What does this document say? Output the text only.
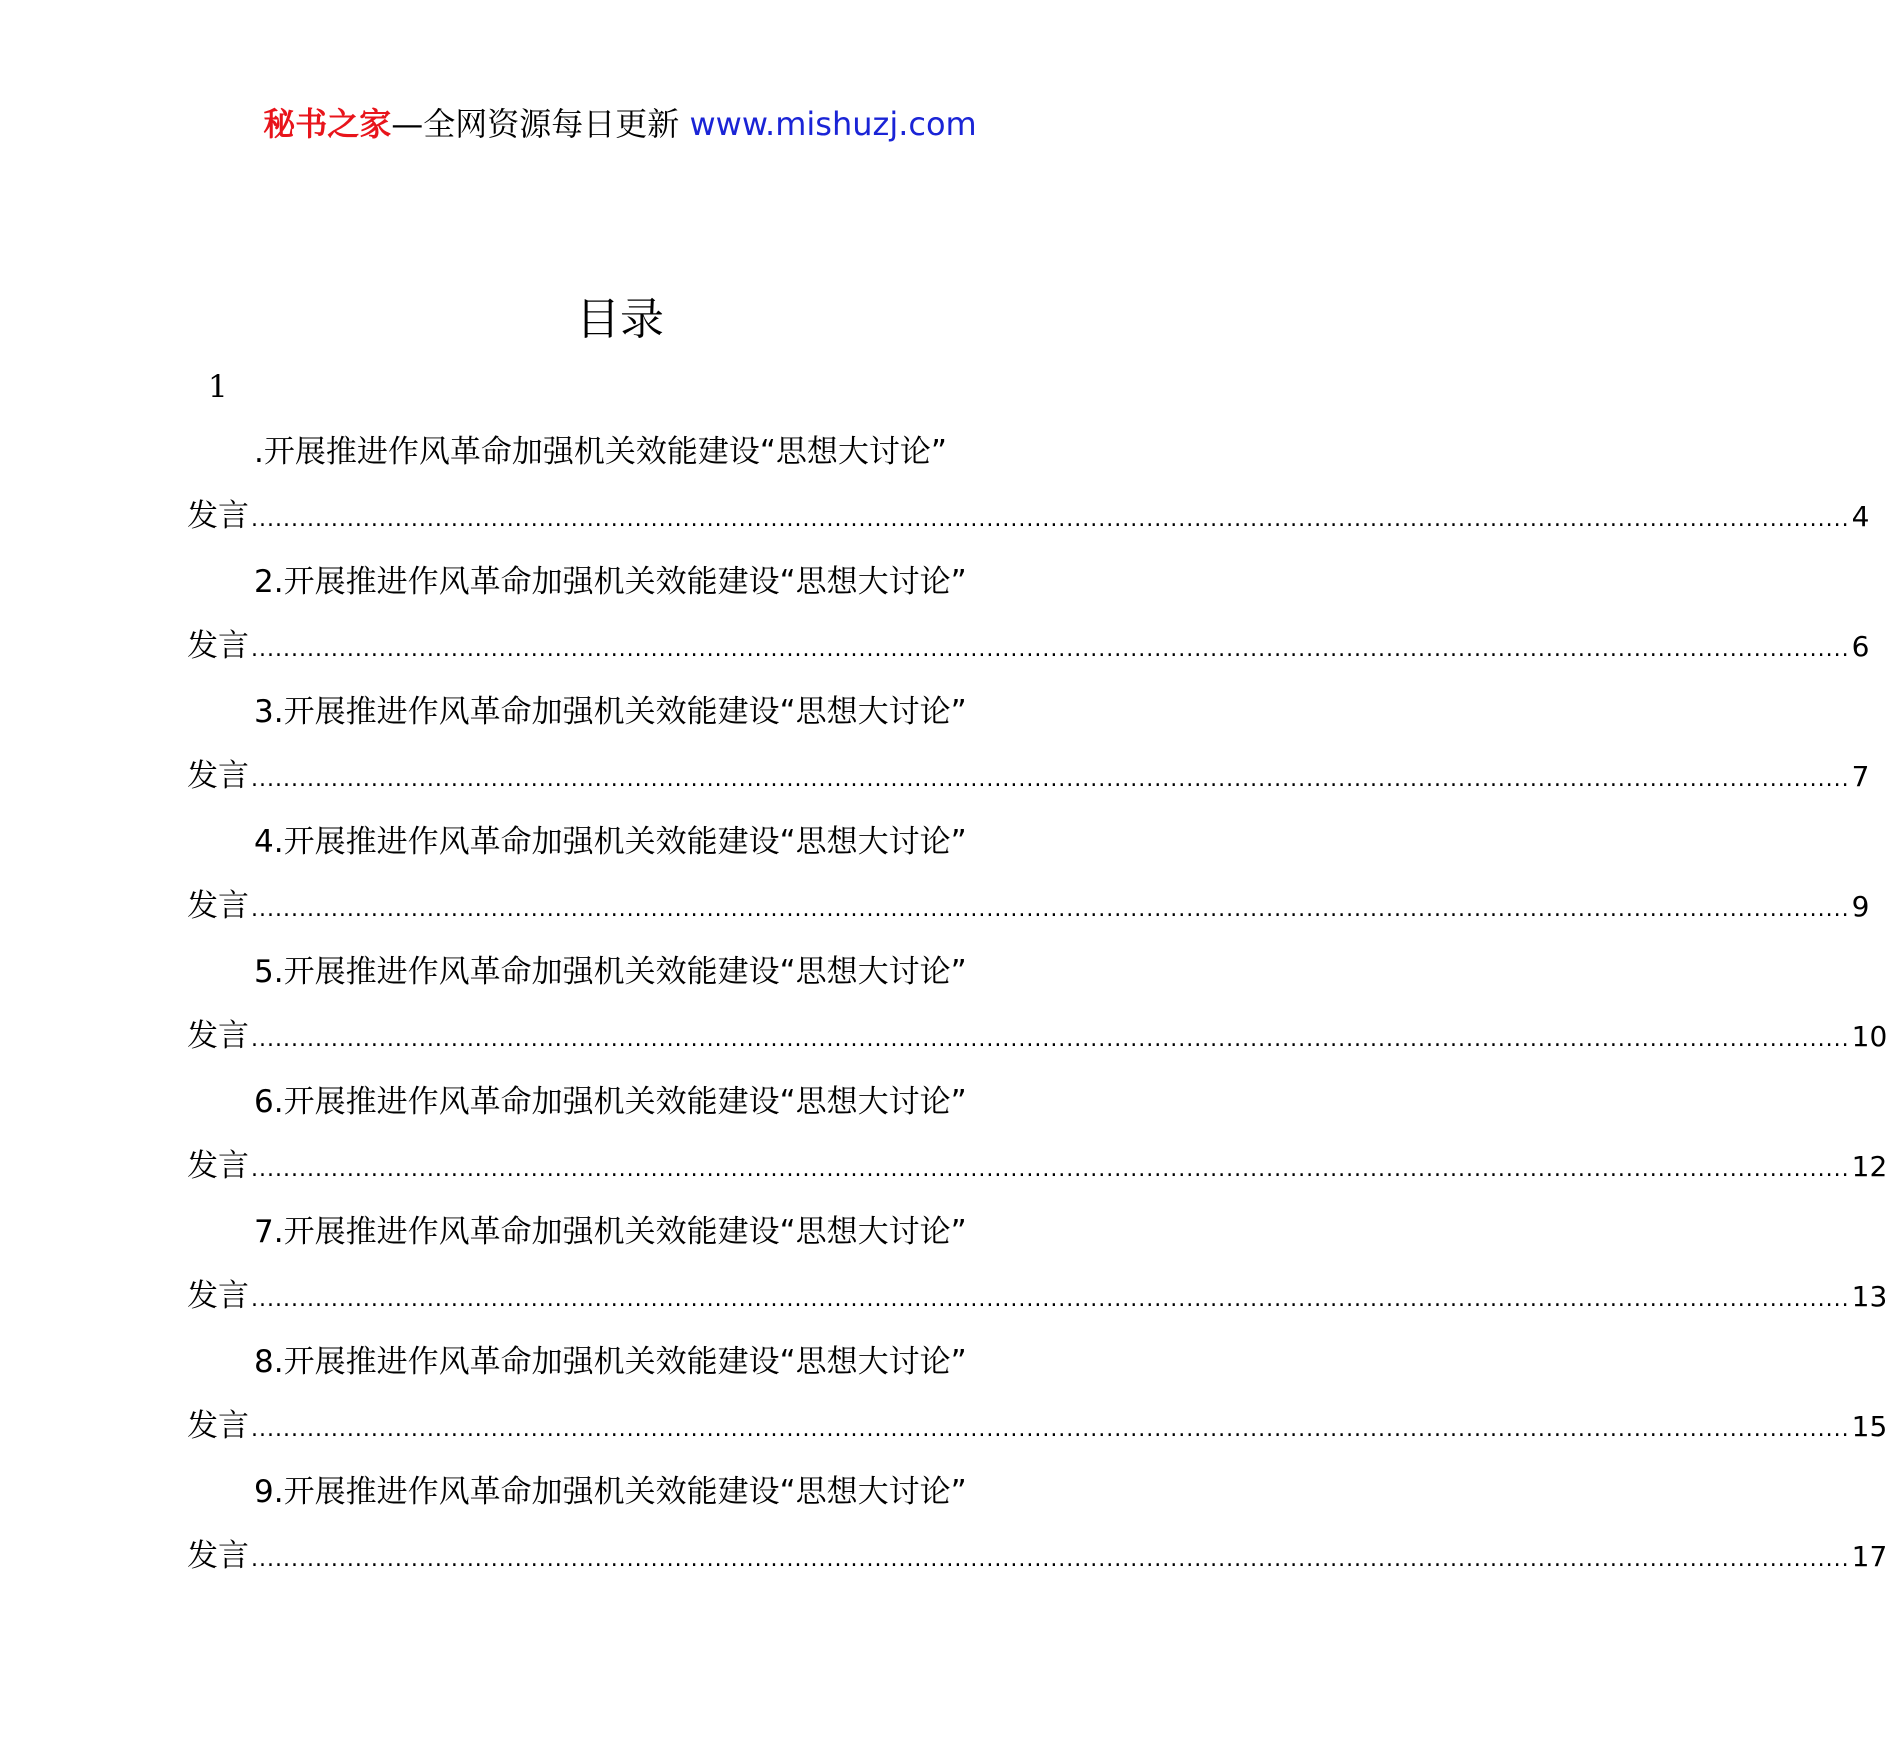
秘书之家—全网资源每日更新 www.mishuzj.com
目录
1
.开展推进作风革命加强机关效能建设“思想大讨论”
发言 ........................................................................................................................................................................................................ 4
2.开展推进作风革命加强机关效能建设“思想大讨论”
发言 ........................................................................................................................................................................................................ 6
3.开展推进作风革命加强机关效能建设“思想大讨论”
发言 ........................................................................................................................................................................................................ 7
4.开展推进作风革命加强机关效能建设“思想大讨论”
发言 ........................................................................................................................................................................................................ 9
5.开展推进作风革命加强机关效能建设“思想大讨论”
发言 ........................................................................................................................................................................................................ 10
6.开展推进作风革命加强机关效能建设“思想大讨论”
发言 ........................................................................................................................................................................................................ 12
7.开展推进作风革命加强机关效能建设“思想大讨论”
发言 ........................................................................................................................................................................................................ 13
8.开展推进作风革命加强机关效能建设“思想大讨论”
发言 ........................................................................................................................................................................................................ 15
9.开展推进作风革命加强机关效能建设“思想大讨论”
发言 ........................................................................................................................................................................................................ 17
